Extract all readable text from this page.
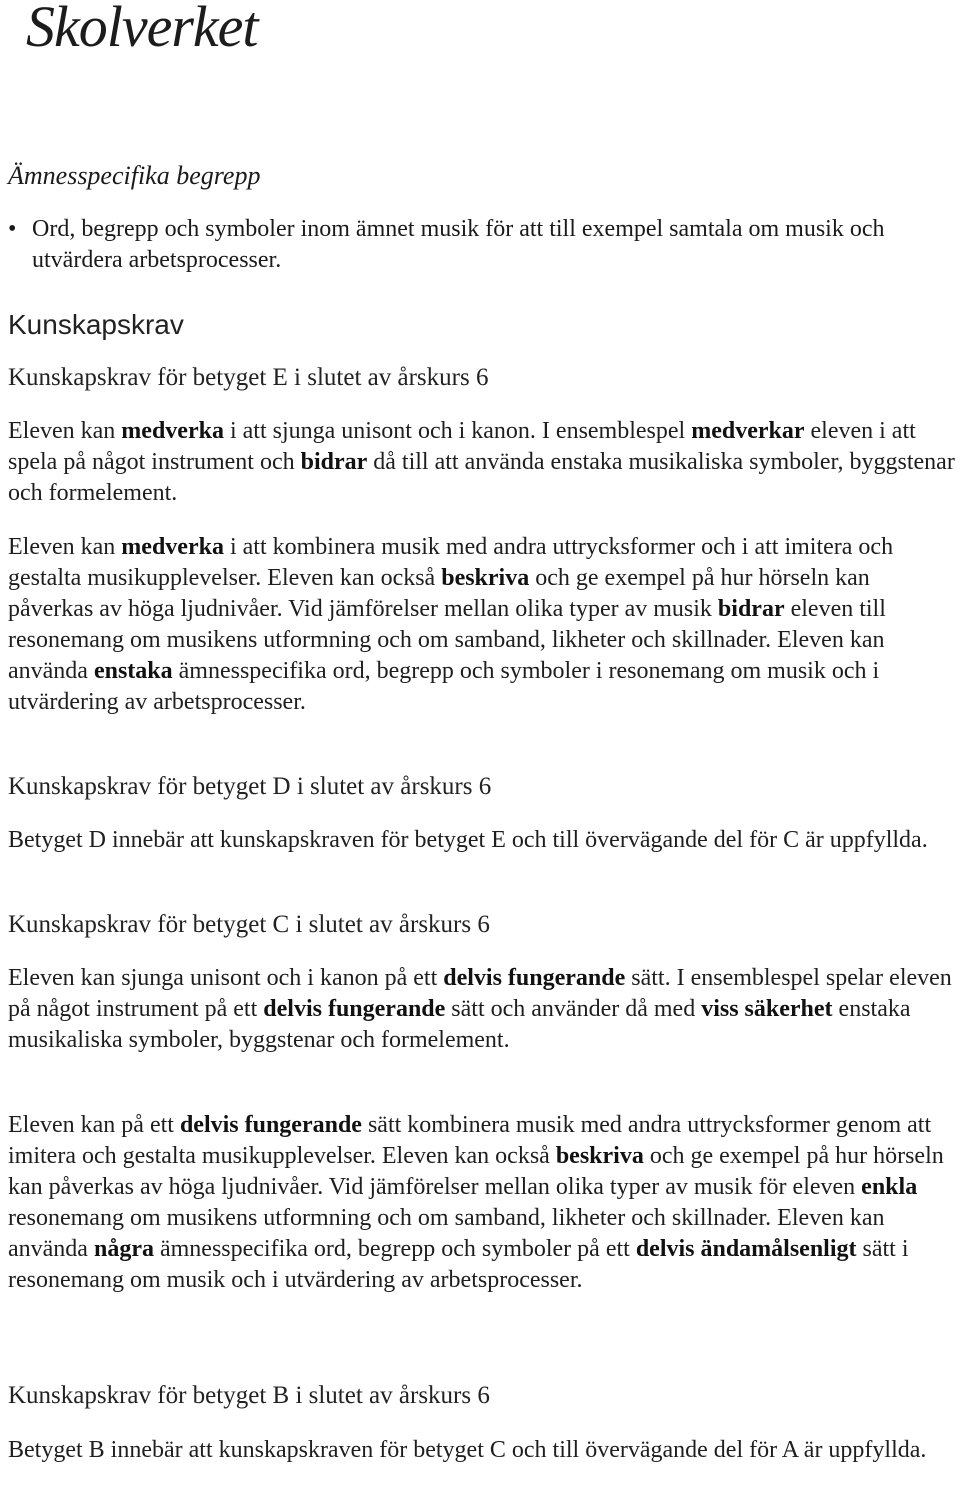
Skolverket
Ämnesspecifika begrepp
• Ord, begrepp och symboler inom ämnet musik för att till exempel samtala om musik och utvärdera arbetsprocesser.
Kunskapskrav
Kunskapskrav för betyget E i slutet av årskurs 6
Eleven kan medverka i att sjunga unisont och i kanon. I ensemblespel medverkar eleven i att spela på något instrument och bidrar då till att använda enstaka musikaliska symboler, byggstenar och formelement.
Eleven kan medverka i att kombinera musik med andra uttrycksformer och i att imitera och gestalta musikupplevelser. Eleven kan också beskriva och ge exempel på hur hörseln kan påverkas av höga ljudnivåer. Vid jämförelser mellan olika typer av musik bidrar eleven till resonemang om musikens utformning och om samband, likheter och skillnader. Eleven kan använda enstaka ämnesspecifika ord, begrepp och symboler i resonemang om musik och i utvärdering av arbetsprocesser.
Kunskapskrav för betyget D i slutet av årskurs 6
Betyget D innebär att kunskapskraven för betyget E och till övervägande del för C är uppfyllda.
Kunskapskrav för betyget C i slutet av årskurs 6
Eleven kan sjunga unisont och i kanon på ett delvis fungerande sätt. I ensemblespel spelar eleven på något instrument på ett delvis fungerande sätt och använder då med viss säkerhet enstaka musikaliska symboler, byggstenar och formelement.
Eleven kan på ett delvis fungerande sätt kombinera musik med andra uttrycksformer genom att imitera och gestalta musikupplevelser. Eleven kan också beskriva och ge exempel på hur hörseln kan påverkas av höga ljudnivåer. Vid jämförelser mellan olika typer av musik för eleven enkla resonemang om musikens utformning och om samband, likheter och skillnader. Eleven kan använda några ämnesspecifika ord, begrepp och symboler på ett delvis ändamålsenligt sätt i resonemang om musik och i utvärdering av arbetsprocesser.
Kunskapskrav för betyget B i slutet av årskurs 6
Betyget B innebär att kunskapskraven för betyget C och till övervägande del för A är uppfyllda.
